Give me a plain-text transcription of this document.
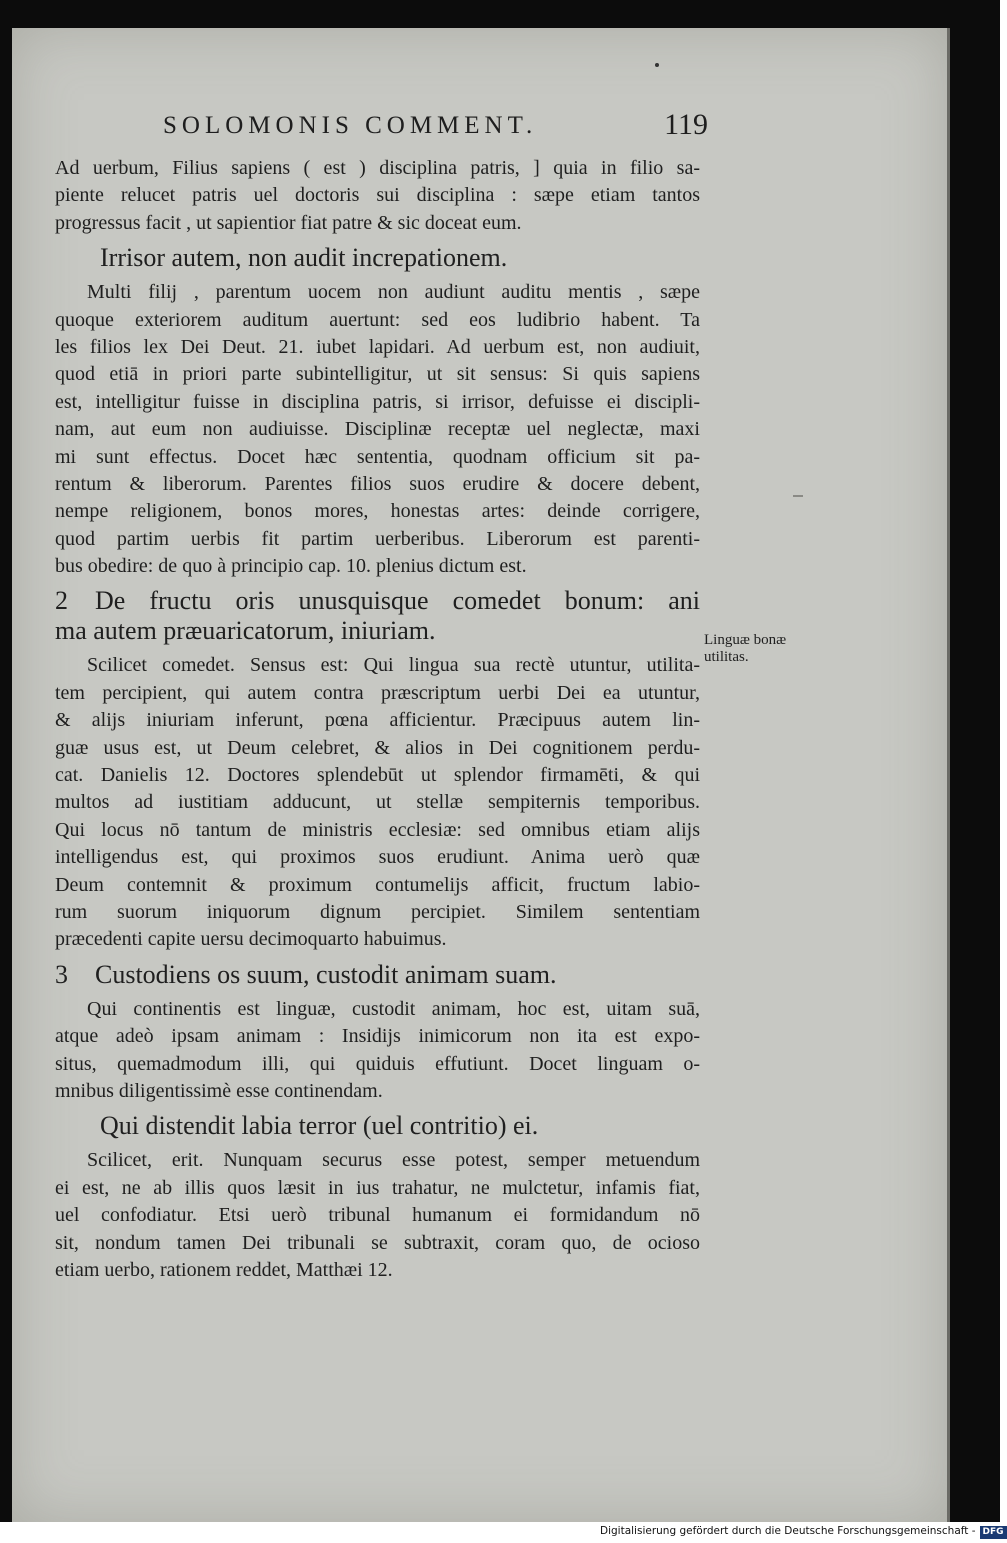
SOLOMONIS COMMENT.	119
Ad uerbum, Filius sapiens ( est ) disciplina patris, ] quia in filio sa-
piente relucet patris uel doctoris sui disciplina : sæpe etiam tantos
progressus facit , ut sapientior fiat patre & sic doceat eum.
Irrisor autem, non audit increpationem.
Multi filij , parentum uocem non audiunt auditu mentis , sæpe
quoque exteriorem auditum auertunt: sed eos ludibrio habent. Ta
les filios lex Dei Deut. 21. iubet lapidari. Ad uerbum est, non audiuit,
quod etiā in priori parte subintelligitur, ut sit sensus: Si quis sapiens
est, intelligitur fuisse in disciplina patris, si irrisor, defuisse ei discipli-
nam, aut eum non audiuisse. Disciplinæ receptæ uel neglectæ, maxi
mi sunt effectus. Docet hæc sententia, quodnam officium sit pa-
rentum & liberorum. Parentes filios suos erudire & docere debent,
nempe religionem, bonos mores, honestas artes: deinde corrigere,
quod partim uerbis fit partim uerberibus. Liberorum est parenti-
bus obedire: de quo à principio cap. 10. plenius dictum est.
2 De fructu oris unusquisque comedet bonum: ani
ma autem præuaricatorum, iniuriam.
Scilicet comedet. Sensus est: Qui lingua sua rectè utuntur, utilita-
tem percipient, qui autem contra præscriptum uerbi Dei ea utuntur,
& alijs iniuriam inferunt, pœna afficientur. Præcipuus autem lin-
guæ usus est, ut Deum celebret, & alios in Dei cognitionem perdu-
cat. Danielis 12. Doctores splendebūt ut splendor firmamēti, & qui
multos ad iustitiam adducunt, ut stellæ sempiternis temporibus.
Qui locus nō tantum de ministris ecclesiæ: sed omnibus etiam alijs
intelligendus est, qui proximos suos erudiunt. Anima uerò quæ
Deum contemnit & proximum contumelijs afficit, fructum labio-
rum suorum iniquorum dignum percipiet. Similem sententiam
præcedenti capite uersu decimoquarto habuimus.
3 Custodiens os suum, custodit animam suam.
Qui continentis est linguæ, custodit animam, hoc est, uitam suā,
atque adeò ipsam animam : Insidijs inimicorum non ita est expo-
situs, quemadmodum illi, qui quiduis effutiunt. Docet linguam o-
mnibus diligentissimè esse continendam.
Qui distendit labia terror (uel contritio) ei.
Scilicet, erit. Nunquam securus esse potest, semper metuendum
ei est, ne ab illis quos læsit in ius trahatur, ne mulctetur, infamis fiat,
uel confodiatur. Etsi uerò tribunal humanum ei formidandum nō
sit, nondum tamen Dei tribunali se subtraxit, coram quo, de ocioso
etiam uerbo, rationem reddet, Matthæi 12.
Linguæ bonæ
utilitas.
Digitalisierung gefördert durch die Deutsche Forschungsgemeinschaft - DFG
